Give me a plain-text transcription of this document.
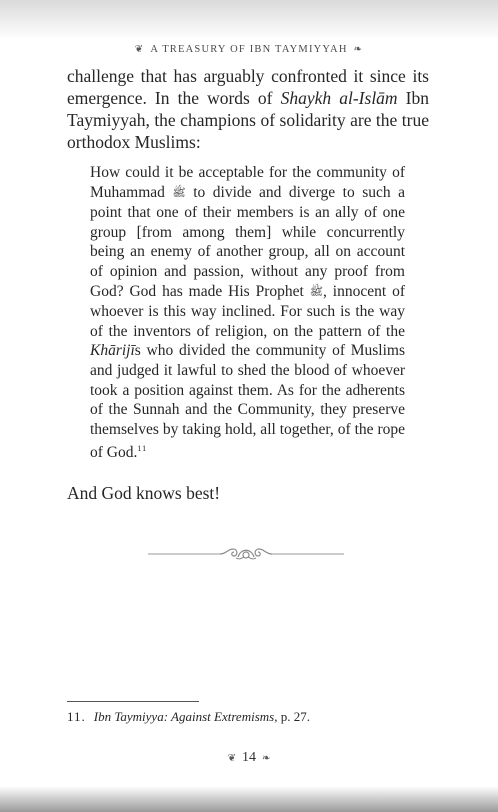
❦ A TREASURY OF IBN TAYMIYYAH ❧

challenge that has arguably confronted it since its emergence. In the words of Shaykh al-Islām Ibn Taymiyyah, the champions of solidarity are the true orthodox Muslims:

How could it be acceptable for the community of Muhammad ﷺ to divide and diverge to such a point that one of their members is an ally of one group [from among them] while concurrently being an enemy of another group, all on account of opinion and passion, without any proof from God? God has made His Prophet ﷺ, innocent of whoever is this way inclined. For such is the way of the inventors of religion, on the pattern of the Khārijīs who divided the community of Muslims and judged it lawful to shed the blood of whoever took a position against them. As for the adherents of the Sunnah and the Community, they preserve themselves by taking hold, all together, of the rope of God.$^{11}$

And God knows best!

11. Ibn Taymiyya: Against Extremisms, p. 27.
❦ 14 ❧
